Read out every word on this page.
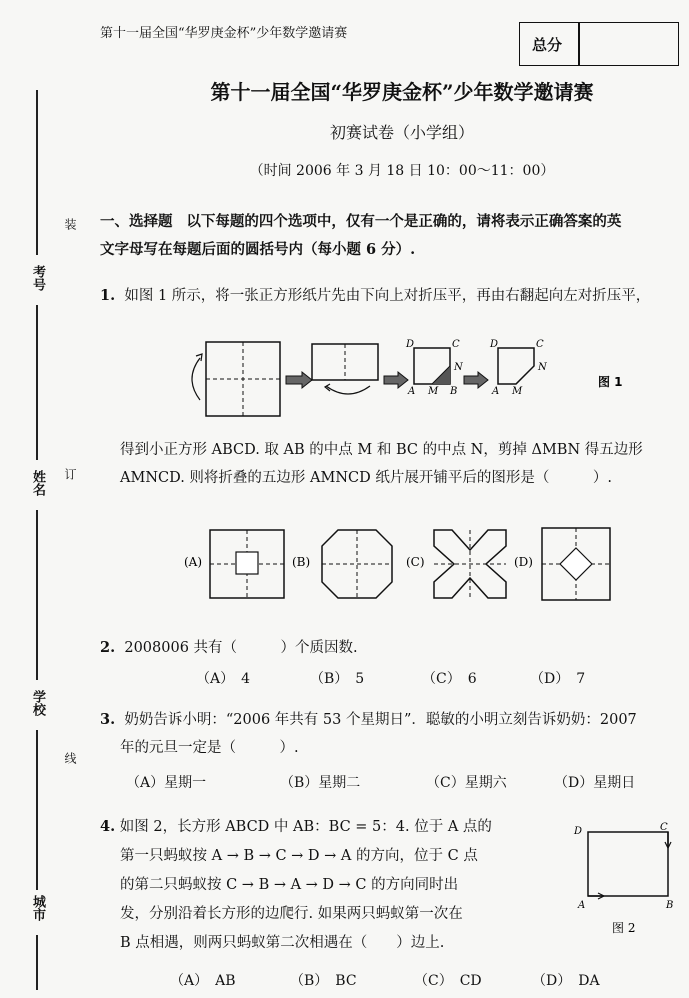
第十一届全国“华罗庚金杯”少年数学邀请赛
总分
第十一届全国“华罗庚金杯”少年数学邀请赛
初赛试卷（小学组）
（时间 2006 年 3 月 18 日 10：00～11：00）
考号
姓名
学校
城市
装
订
线
一、选择题 以下每题的四个选项中，仅有一个是正确的，请将表示正确答案的英
文字母写在每题后面的圆括号内（每小题 6 分）.
1. 如图 1 所示，将一张正方形纸片先由下向上对折压平，再由右翻起向左对折压平，
D	C
N
A M B
D	C
N
A M
图 1
得到小正方形 ABCD. 取 AB 的中点 M 和 BC 的中点 N，剪掉 ΔMBN 得五边形
AMNCD. 则将折叠的五边形 AMNCD 纸片展开铺平后的图形是（　　　）.
(A)	(B)	(C)	(D)
2. 2008006 共有（　　　）个质因数.
（A）　4	（B）　5	（C）　6	（D）　7
3. 奶奶告诉小明：“2006 年共有 53 个星期日”．聪敏的小明立刻告诉奶奶：2007
年的元旦一定是（　　　）.
（A）星期一	（B）星期二	（C）星期六	（D）星期日
4. 如图 2，长方形 ABCD 中 AB：BC = 5：4. 位于 A 点的
第一只蚂蚁按 A → B → C → D → A 的方向，位于 C 点
的第二只蚂蚁按 C → B → A → D → C 的方向同时出
发，分别沿着长方形的边爬行. 如果两只蚂蚁第一次在
B 点相遇，则两只蚂蚁第二次相遇在（　　）边上.
D	C
A	B
图 2
（A）　AB	（B）　BC	（C）　CD	（D）　DA
